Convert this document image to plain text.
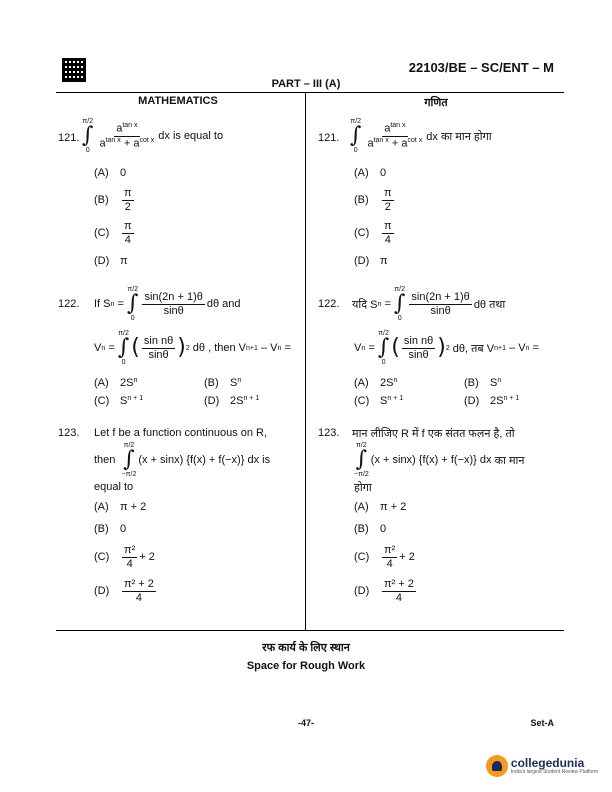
22103/BE – SC/ENT – M
PART – III (A)
MATHEMATICS	गणित
121.
π/2
∫
0
$\frac{a^{tan x}}{a^{tan x} + a^{cot x}}$ dx is equal to
(A)	0
(B)	$\frac{\pi}{2}$
(C)	$\frac{\pi}{4}$
(D) π
122.	If S n
=

π/2
∫
0
$\frac{\sin(2n + 1)\theta}{\sin\theta}$ dθ and
V n
=

π/2
∫
0
( $\frac{\text{sin nθ}}{\sin\theta}$ ) 2
dθ , then V n+1
– V n
=
(A)	2S n	(B)	S n
(C) S n + 1	(D) 2S n + 1
123.	Let f be a function continuous on R,
then

π/2
∫
−π/2
(x + sinx) {f(x) + f(−x)} dx
is
equal to
(A)	π + 2
(B)	0
(C)	$\frac{\text{π²}}{4} + 2$
(D)	$\frac{\text{π² + 2}}{4}$
121.
π/2
∫
0
$\frac{a^{tan x}}{a^{tan x} + a^{cot x}}$ dx का मान होगा
(A)	0
(B)	$\frac{\pi}{2}$
(C)	$\frac{\pi}{4}$
(D) π
122.	यदि S n
=

π/2
∫
0
$\frac{\sin(2n + 1)\theta}{\sin\theta}$ dθ तथा
V n
=

π/2
∫
0
( $\frac{\text{sin nθ}}{\sin\theta}$ ) 2
dθ, तब V n+1
– V n
=
(A)	2S n	(B)	S n
(C) S n + 1	(D) 2S n + 1
123.	मान लीजिए R में f एक संतत फलन है, तो
π/2
∫
−π/2
(x + sinx) {f(x) + f(−x)} dx
का मान
होगा
(A)	π + 2
(B)	0
(C)	$\frac{\text{π²}}{4} + 2$
(D)	$\frac{\text{π² + 2}}{4}$
रफ कार्य के लिए स्थान
Space for Rough Work
-47-	Set-A
collegedunia
India's largest Student Review Platform
